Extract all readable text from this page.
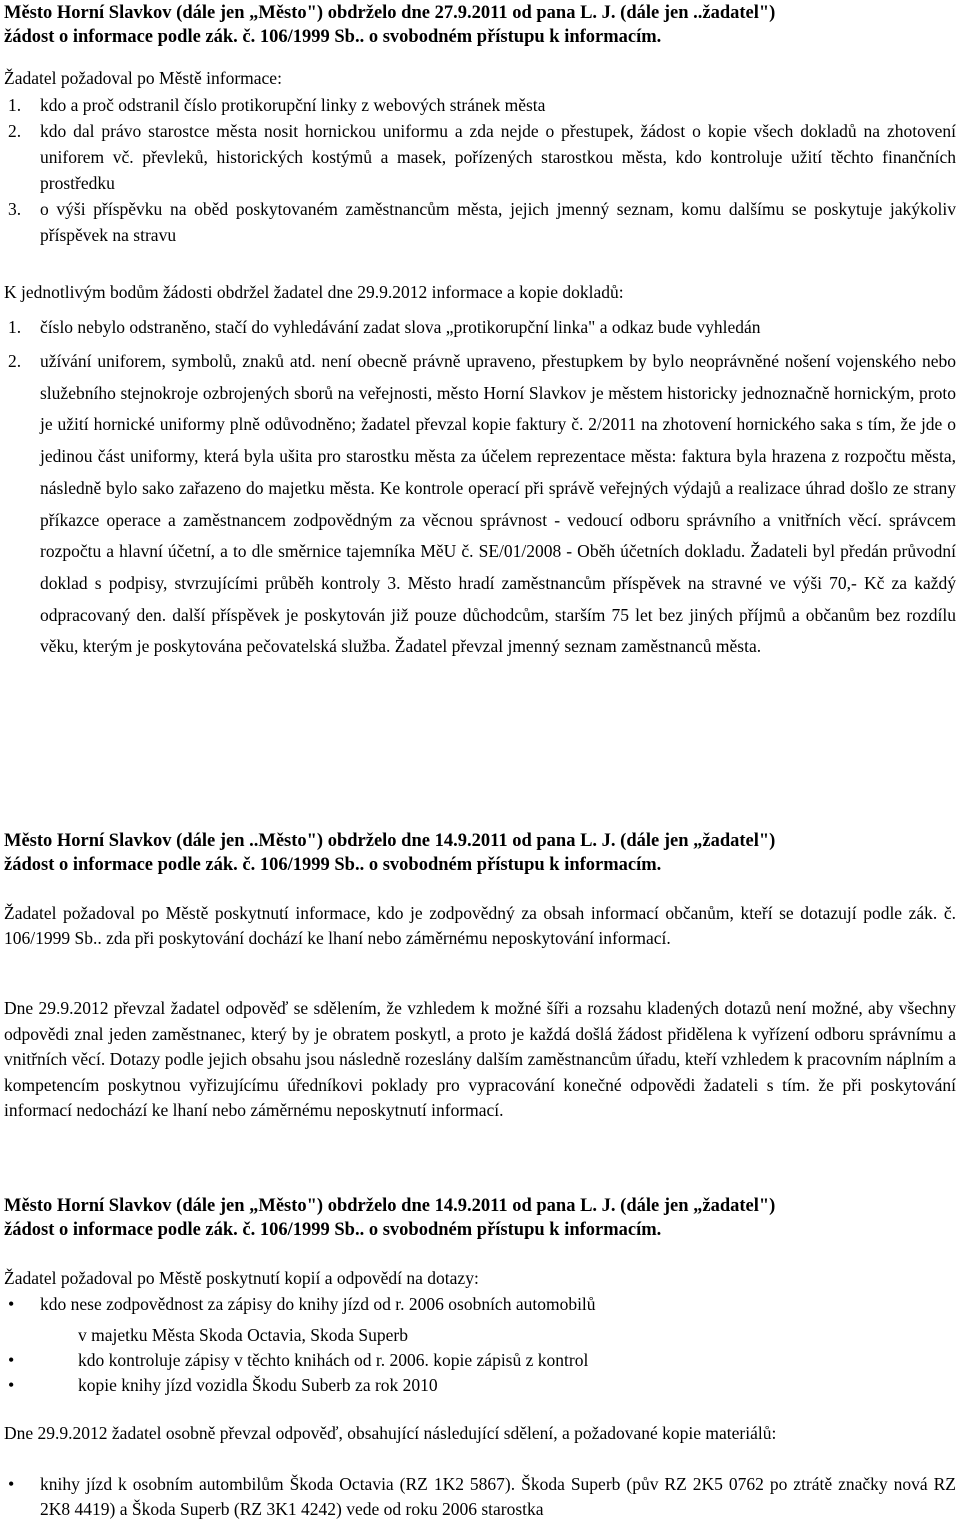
Město Horní Slavkov (dále jen „Město") obdrželo dne 27.9.2011 od pana L. J. (dále jen ..žadatel")
žádost o informace podle zák. č. 106/1999 Sb.. o svobodném přístupu k informacím.
Žadatel požadoval po Městě informace:
1. kdo a proč odstranil číslo protikorupční linky z webových stránek města
2. kdo dal právo starostce města nosit hornickou uniformu a zda nejde o přestupek, žádost o kopie všech dokladů na zhotovení uniforem vč. převleků, historických kostýmů a masek, pořízených starostkou města, kdo kontroluje užití těchto finančních prostředku
3. o výši příspěvku na oběd poskytovaném zaměstnancům města, jejich jmenný seznam, komu dalšímu se poskytuje jakýkoliv příspěvek na stravu
K jednotlivým bodům žádosti obdržel žadatel dne 29.9.2012 informace a kopie dokladů:
1. číslo nebylo odstraněno, stačí do vyhledávání zadat slova „protikorupční linka" a odkaz bude vyhledán
2. užívání uniforem, symbolů, znaků atd. není obecně právně upraveno, přestupkem by bylo neoprávněné nošení vojenského nebo služebního stejnokroje ozbrojených sborů na veřejnosti, město Horní Slavkov je městem historicky jednoznačně hornickým, proto je užití hornické uniformy plně odůvodněno; žadatel převzal kopie faktury č. 2/2011 na zhotovení hornického saka s tím, že jde o jedinou část uniformy, která byla ušita pro starostku města za účelem reprezentace města: faktura byla hrazena z rozpočtu města, následně bylo sako zařazeno do majetku města. Ke kontrole operací při správě veřejných výdajů a realizace úhrad došlo ze strany příkazce operace a zaměstnancem zodpovědným za věcnou správnost - vedoucí odboru správního a vnitřních věcí. správcem rozpočtu a hlavní účetní, a to dle směrnice tajemníka MěU č. SE/01/2008 - Oběh účetních dokladu. Žadateli byl předán průvodní doklad s podpisy, stvrzujícími průběh kontroly 3. Město hradí zaměstnancům příspěvek na stravné ve výši 70,- Kč za každý odpracovaný den. další příspěvek je poskytován již pouze důchodcům, starším 75 let bez jiných příjmů a občanům bez rozdílu věku, kterým je poskytována pečovatelská služba. Žadatel převzal jmenný seznam zaměstnanců města.
Město Horní Slavkov (dále jen ..Město") obdrželo dne 14.9.2011 od pana L. J. (dále jen „žadatel")
žádost o informace podle zák. č. 106/1999 Sb.. o svobodném přístupu k informacím.
Žadatel požadoval po Městě poskytnutí informace, kdo je zodpovědný za obsah informací občanům, kteří se dotazují podle zák. č. 106/1999 Sb.. zda při poskytování dochází ke lhaní nebo záměrnému neposkytování informací.
Dne 29.9.2012 převzal žadatel odpověď se sdělením, že vzhledem k možné šíři a rozsahu kladených dotazů není možné, aby všechny odpovědi znal jeden zaměstnanec, který by je obratem poskytl, a proto je každá došlá žádost přidělena k vyřízení odboru správnímu a vnitřních věcí. Dotazy podle jejich obsahu jsou následně rozeslány dalším zaměstnancům úřadu, kteří vzhledem k pracovním náplním a kompetencím poskytnou vyřizujícímu úředníkovi poklady pro vypracování konečné odpovědi žadateli s tím. že při poskytování informací nedochází ke lhaní nebo záměrnému neposkytnutí informací.
Město Horní Slavkov (dále jen „Město") obdrželo dne 14.9.2011 od pana L. J. (dále jen „žadatel")
žádost o informace podle zák. č. 106/1999 Sb.. o svobodném přístupu k informacím.
Žadatel požadoval po Městě poskytnutí kopií a odpovědí na dotazy:
• kdo nese zodpovědnost za zápisy do knihy jízd od r. 2006 osobních automobilů
v majetku Města Skoda Octavia, Skoda Superb
•	kdo kontroluje zápisy v těchto knihách od r. 2006. kopie zápisů z kontrol
•	kopie knihy jízd vozidla Škodu Suberb za rok 2010
Dne 29.9.2012 žadatel osobně převzal odpověď, obsahující následující sdělení, a požadované kopie materiálů:
• knihy jízd k osobním autombilům Škoda Octavia (RZ 1K2 5867). Škoda Superb (pův RZ 2K5 0762 po ztrátě značky nová RZ 2K8 4419) a Škoda Superb (RZ 3K1 4242) vede od roku 2006 starostka
